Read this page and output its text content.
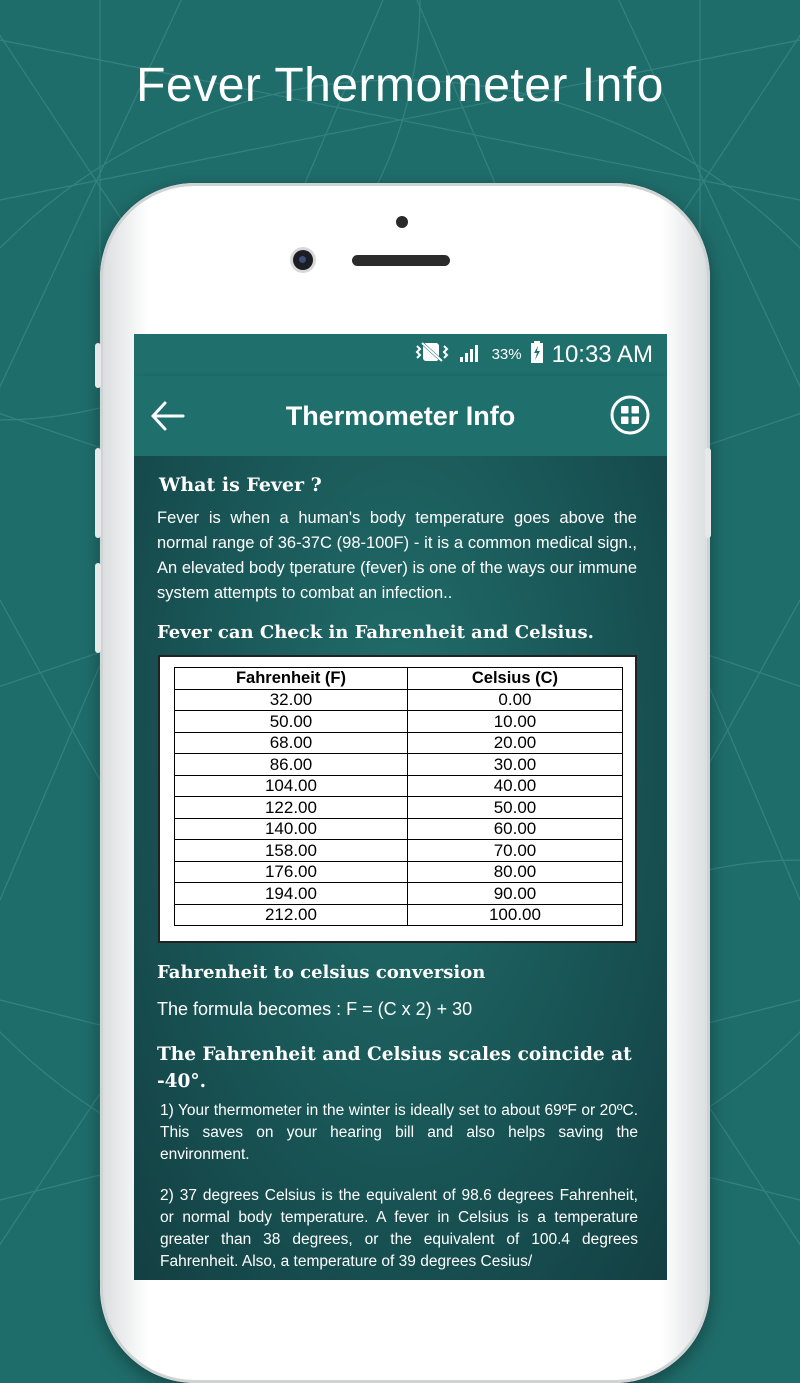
Fever Thermometer Info
33% 10:33 AM
Thermometer Info
What is Fever ?
Fever is when a human's body temperature goes above the normal range of 36-37C (98-100F) - it is a common medical sign., An elevated body tperature (fever) is one of the ways our immune system attempts to combat an infection..
Fever can Check in Fahrenheit and Celsius.
Fahrenheit (F)	Celsius (C)
32.00	0.00
50.00	10.00
68.00	20.00
86.00	30.00
104.00	40.00
122.00	50.00
140.00	60.00
158.00	70.00
176.00	80.00
194.00	90.00
212.00	100.00
Fahrenheit to celsius conversion
The formula becomes : F = (C x 2) + 30
The Fahrenheit and Celsius scales coincide at -40°.
1) Your thermometer in the winter is ideally set to about 69ºF or 20ºC. This saves on your hearing bill and also helps saving the environment.
2) 37 degrees Celsius is the equivalent of 98.6 degrees Fahrenheit, or normal body temperature. A fever in Celsius is a temperature greater than 38 degrees, or the equivalent of 100.4 degrees Fahrenheit. Also, a temperature of 39 degrees Cesius/
